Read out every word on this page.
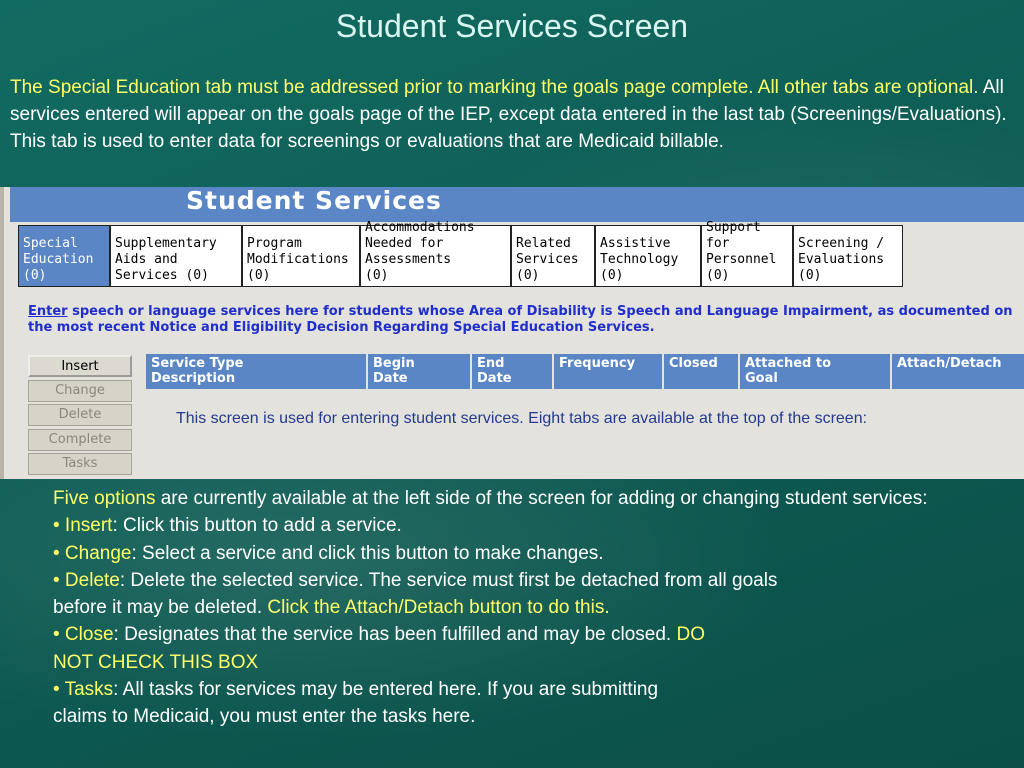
Student Services Screen
The Special Education tab must be addressed prior to marking the goals page complete. All other tabs are optional. All services entered will appear on the goals page of the IEP, except data entered in the last tab (Screenings/Evaluations). This tab is used to enter data for screenings or evaluations that are Medicaid billable.
Student Services
Special
Education
(0)
Supplementary
Aids and
Services (0)
Program
Modifications
(0)
Accommodations
Needed for
Assessments
(0)
Related
Services
(0)
Assistive
Technology
(0)
Support
for
Personnel
(0)
Screening /
Evaluations
(0)
Enter speech or language services here for students whose Area of Disability is Speech and Language Impairment, as documented on the most recent Notice and Eligibility Decision Regarding Special Education Services.
Insert
Change
Delete
Complete
Tasks
Service Type
Description
Begin
Date
End
Date
Frequency	Closed	Attached to
Goal
Attach/Detach
This screen is used for entering student services. Eight tabs are available at the top of the screen:
Five options are currently available at the left side of the screen for adding or changing student services:
• Insert: Click this button to add a service.
• Change: Select a service and click this button to make changes.
• Delete: Delete the selected service. The service must first be detached from all goals before it may be deleted. Click the Attach/Detach button to do this.
• Close: Designates that the service has been fulfilled and may be closed. DO NOT CHECK THIS BOX
• Tasks: All tasks for services may be entered here. If you are submitting claims to Medicaid, you must enter the tasks here.
